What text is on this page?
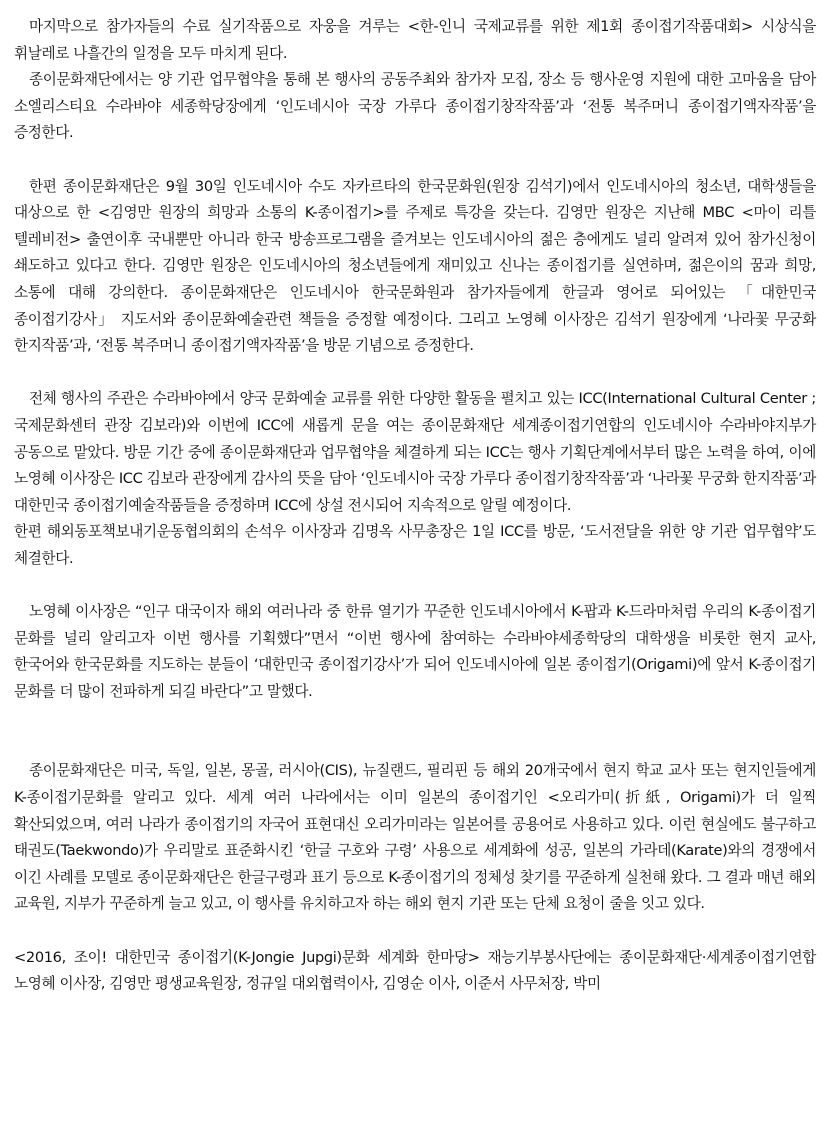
마지막으로 참가자들의 수료 실기작품으로 자웅을 겨루는 <한-인니 국제교류를 위한 제1회 종이접기작품대회> 시상식을 휘날레로 나흘간의 일정을 모두 마치게 된다.

종이문화재단에서는 양 기관 업무협약을 통해 본 행사의 공동주최와 참가자 모집, 장소 등 행사운영 지원에 대한 고마움을 담아 소엘리스티요 수라바야 세종학당장에게 ‘인도네시아 국장 가루다 종이접기창작작품’과 ‘전통 복주머니 종이접기액자작품’을 증정한다.

한편 종이문화재단은 9월 30일 인도네시아 수도 자카르타의 한국문화원(원장 김석기)에서 인도네시아의 청소년, 대학생들을 대상으로 한 <김영만 원장의 희망과 소통의 K-종이접기>를 주제로 특강을 갖는다. 김영만 원장은 지난해 MBC <마이 리틀 텔레비전> 출연이후 국내뿐만 아니라 한국 방송프로그램을 즐겨보는 인도네시아의 젊은 층에게도 널리 알려져 있어 참가신청이 쇄도하고 있다고 한다. 김영만 원장은 인도네시아의 청소년들에게 재미있고 신나는 종이접기를 실연하며, 젊은이의 꿈과 희망, 소통에 대해 강의한다. 종이문화재단은 인도네시아 한국문화원과 참가자들에게 한글과 영어로 되어있는 「대한민국 종이접기강사」 지도서와 종이문화예술관련 책들을 증정할 예정이다. 그리고 노영혜 이사장은 김석기 원장에게 ‘나라꽃 무궁화 한지작품’과, ‘전통 복주머니 종이접기액자작품’을 방문 기념으로 증정한다.

전체 행사의 주관은 수라바야에서 양국 문화예술 교류를 위한 다양한 활동을 펼치고 있는 ICC(International Cultural Center ; 국제문화센터 관장 김보라)와 이번에 ICC에 새롭게 문을 여는 종이문화재단 세계종이접기연합의 인도네시아 수라바야지부가 공동으로 맡았다. 방문 기간 중에 종이문화재단과 업무협약을 체결하게 되는 ICC는 행사 기획단계에서부터 많은 노력을 하여, 이에 노영혜 이사장은 ICC 김보라 관장에게 감사의 뜻을 담아 ‘인도네시아 국장 가루다 종이접기창작작품’과 ‘나라꽃 무궁화 한지작품’과 대한민국 종이접기예술작품들을 증정하며 ICC에 상설 전시되어 지속적으로 알릴 예정이다.

한편 해외동포책보내기운동협의회의 손석우 이사장과 김명옥 사무총장은 1일 ICC를 방문, ‘도서전달을 위한 양 기관 업무협약’도 체결한다.

노영혜 이사장은 “인구 대국이자 해외 여러나라 중 한류 열기가 꾸준한 인도네시아에서 K-팝과 K-드라마처럼 우리의 K-종이접기 문화를 널리 알리고자 이번 행사를 기획했다”면서 “이번 행사에 참여하는 수라바야세종학당의 대학생을 비롯한 현지 교사, 한국어와 한국문화를 지도하는 분들이 ‘대한민국 종이접기강사’가 되어 인도네시아에 일본 종이접기(Origami)에 앞서 K-종이접기 문화를 더 많이 전파하게 되길 바란다”고 말했다.

종이문화재단은 미국, 독일, 일본, 몽골, 러시아(CIS), 뉴질랜드, 필리핀 등 해외 20개국에서 현지 학교 교사 또는 현지인들에게 K-종이접기문화를 알리고 있다. 세계 여러 나라에서는 이미 일본의 종이접기인 <오리가미(折紙, Origami)가 더 일찍 확산되었으며, 여러 나라가 종이접기의 자국어 표현대신 오리가미라는 일본어를 공용어로 사용하고 있다. 이런 현실에도 불구하고 태권도(Taekwondo)가 우리말로 표준화시킨 ‘한글 구호와 구령’ 사용으로 세계화에 성공, 일본의 가라데(Karate)와의 경쟁에서 이긴 사례를 모델로 종이문화재단은 한글구령과 표기 등으로 K-종이접기의 정체성 찾기를 꾸준하게 실천해 왔다. 그 결과 매년 해외 교육원, 지부가 꾸준하게 늘고 있고, 이 행사를 유치하고자 하는 해외 현지 기관 또는 단체 요청이 줄을 잇고 있다.

<2016, 조이! 대한민국 종이접기(K-Jongie Jupgi)문화 세계화 한마당> 재능기부봉사단에는 종이문화재단·세계종이접기연합 노영혜 이사장, 김영만 평생교육원장, 정규일 대외협력이사, 김영순 이사, 이준서 사무처장, 박미
